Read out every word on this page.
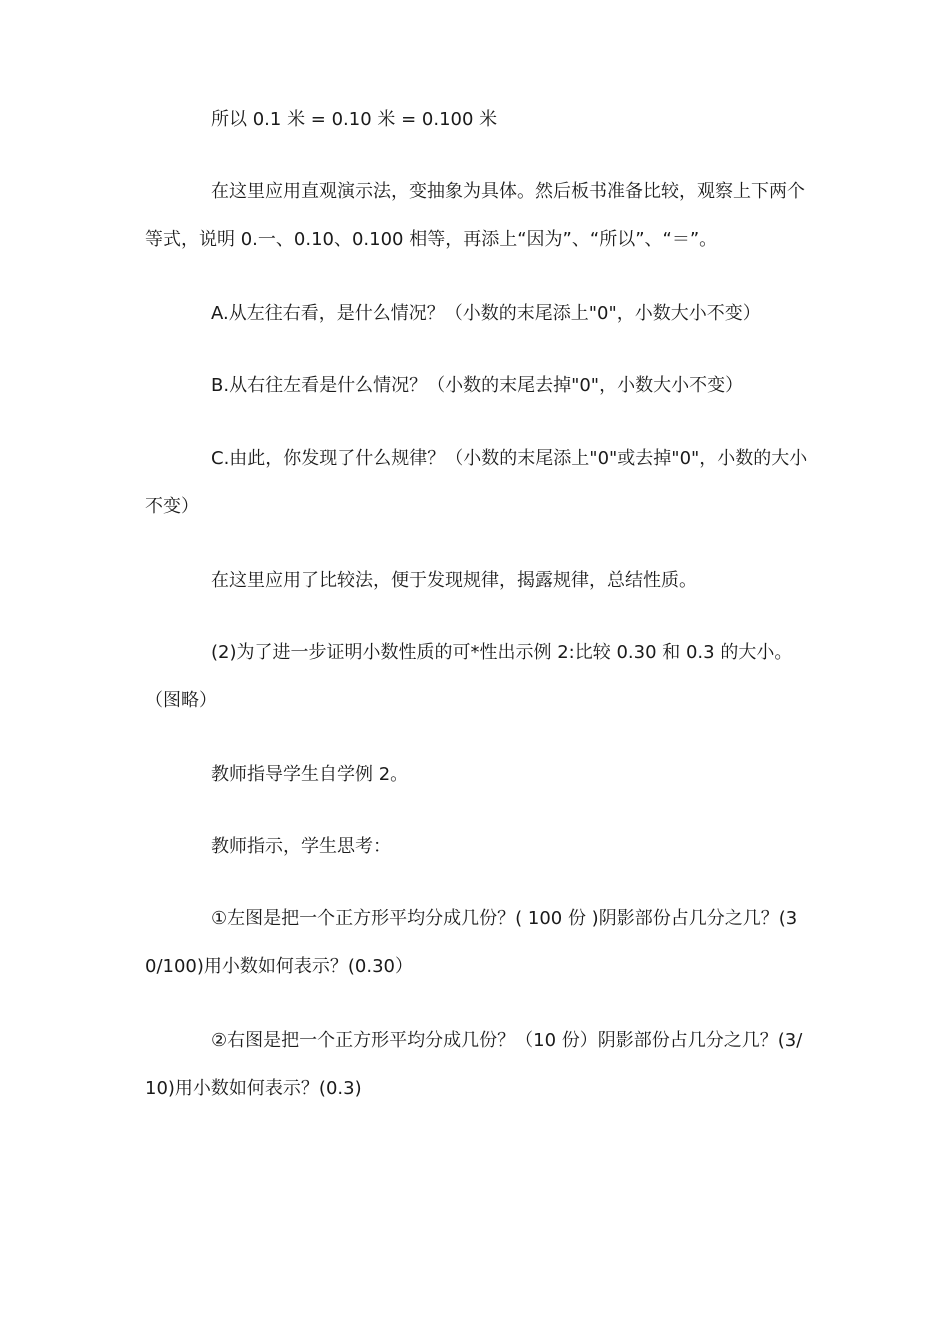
所以 0.1 米 = 0.10 米 = 0.100 米

在这里应用直观演示法，变抽象为具体。然后板书准备比较，观察上下两个等式，说明 0.一、0.10、0.100 相等，再添上“因为”、“所以”、“＝”。

A.从左往右看，是什么情况？（小数的末尾添上"0"，小数大小不变）

B.从右往左看是什么情况？（小数的末尾去掉"0"，小数大小不变）

C.由此，你发现了什么规律？（小数的末尾添上"0"或去掉"0"，小数的大小不变）

在这里应用了比较法，便于发现规律，揭露规律，总结性质。

(2)为了进一步证明小数性质的可*性出示例 2:比较 0.30 和 0.3 的大小。（图略）

教师指导学生自学例 2。

教师指示，学生思考：

①左图是把一个正方形平均分成几份？( 100 份 )阴影部份占几分之几？(30/100)用小数如何表示？(0.30）

②右图是把一个正方形平均分成几份？（10 份）阴影部份占几分之几？(3/10)用小数如何表示？(0.3)
